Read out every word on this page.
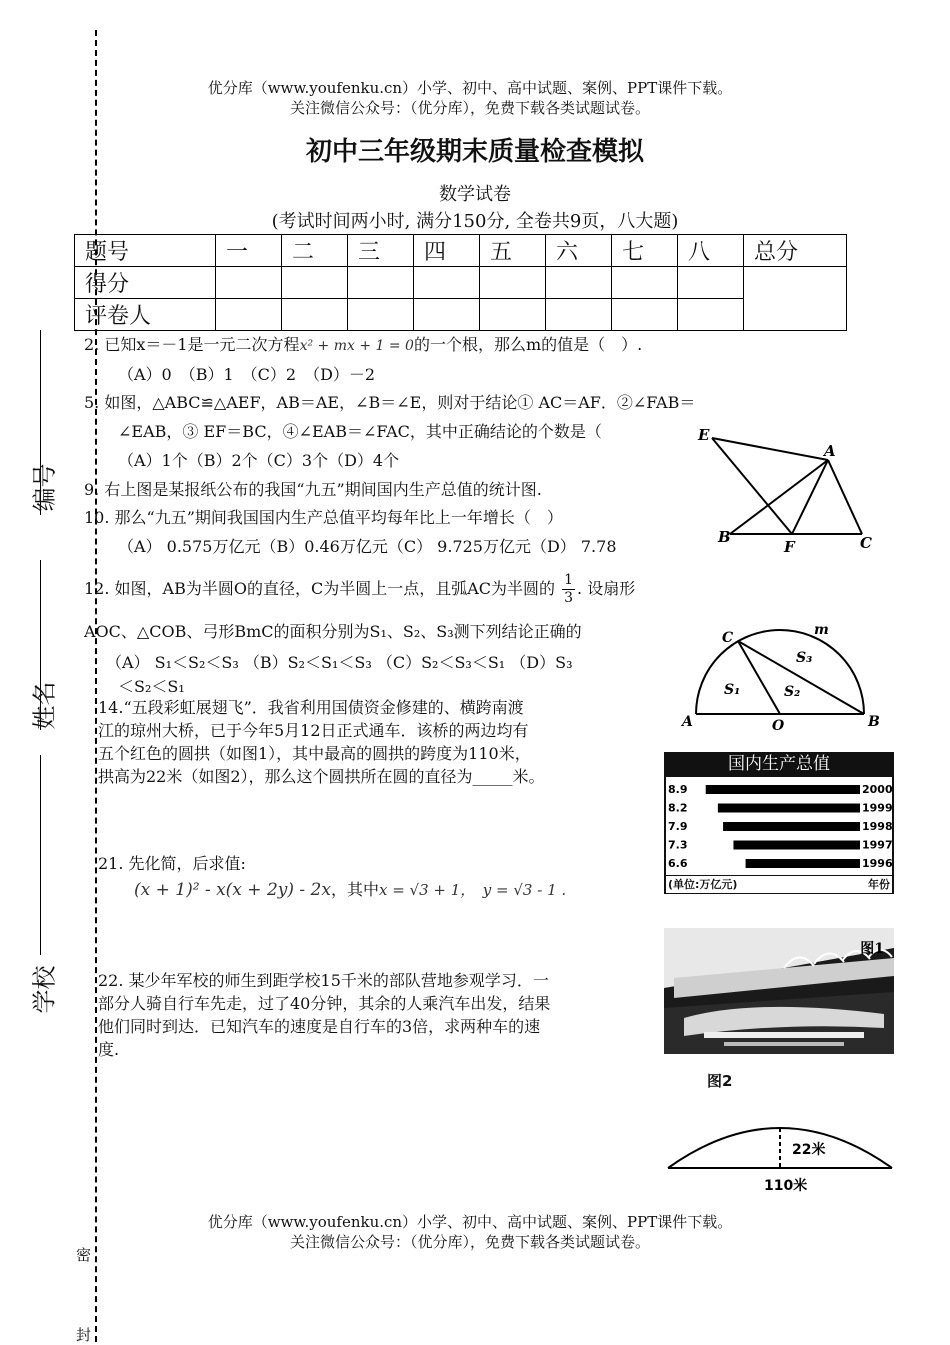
编号
姓名
学校
密
封
优分库（www.youfenku.cn）小学、初中、高中试题、案例、PPT课件下载。
关注微信公众号：（优分库），免费下载各类试题试卷。
初中三年级期末质量检查模拟
数学试卷
(考试时间两小时, 满分150分, 全卷共9页，八大题)
题号	一	二	三	四	五	六	七	八	总分
得分									
评卷人									
2. 已知x＝－1是一元二次方程x² + mx + 1 = 0的一个根，那么m的值是（　）.
（A）0　（B）1　（C）2　（D）－2
5. 如图，△ABC≌△AEF，AB＝AE，∠B＝∠E，则对于结论① AC＝AF．②∠FAB＝
∠EAB，③ EF＝BC，④∠EAB＝∠FAC，其中正确结论的个数是（
（A）1个（B）2个（C）3个（D）4个
E
A
B
F	C
9. 右上图是某报纸公布的我国“九五”期间国内生产总值的统计图.
10. 那么“九五”期间我国国内生产总值平均每年比上一年增长（　）
（A） 0.575万亿元（B）0.46万亿元（C） 9.725万亿元（D） 7.78
12. 如图，AB为半圆O的直径，C为半圆上一点，且弧AC为半圆的 $\frac{1}{3}$ . 设扇形
AOC、△COB、弓形BmC的面积分别为S₁、S₂、S₃测下列结论正确的
（A） S₁＜S₂＜S₃ （B）S₂＜S₁＜S₃ （C）S₂＜S₃＜S₁ （D）S₃
＜S₂＜S₁
C	m
S₃
S₁	S₂
A	O	B
14.“五段彩虹展翅飞”．我省利用国债资金修建的、横跨南渡
江的琼州大桥，已于今年5月12日正式通车．该桥的两边均有
五个红色的圆拱（如图1），其中最高的圆拱的跨度为110米，
拱高为22米（如图2），那么这个圆拱所在圆的直径为_____米。
国内生产总值
8.9	2000
8.2	1999
7.9	1998
7.3	1997
6.6	1996
(单位:万亿元)	年份
21. 先化简，后求值:
(x + 1)² - x(x + 2y) - 2x，其中x = √3 + 1，　y = √3 - 1 .
图1
22. 某少年军校的师生到距学校15千米的部队营地参观学习．一
部分人骑自行车先走，过了40分钟，其余的人乘汽车出发，结果
他们同时到达．已知汽车的速度是自行车的3倍，求两种车的速
度.
图2
22米
110米
优分库（www.youfenku.cn）小学、初中、高中试题、案例、PPT课件下载。
关注微信公众号：（优分库），免费下载各类试题试卷。
